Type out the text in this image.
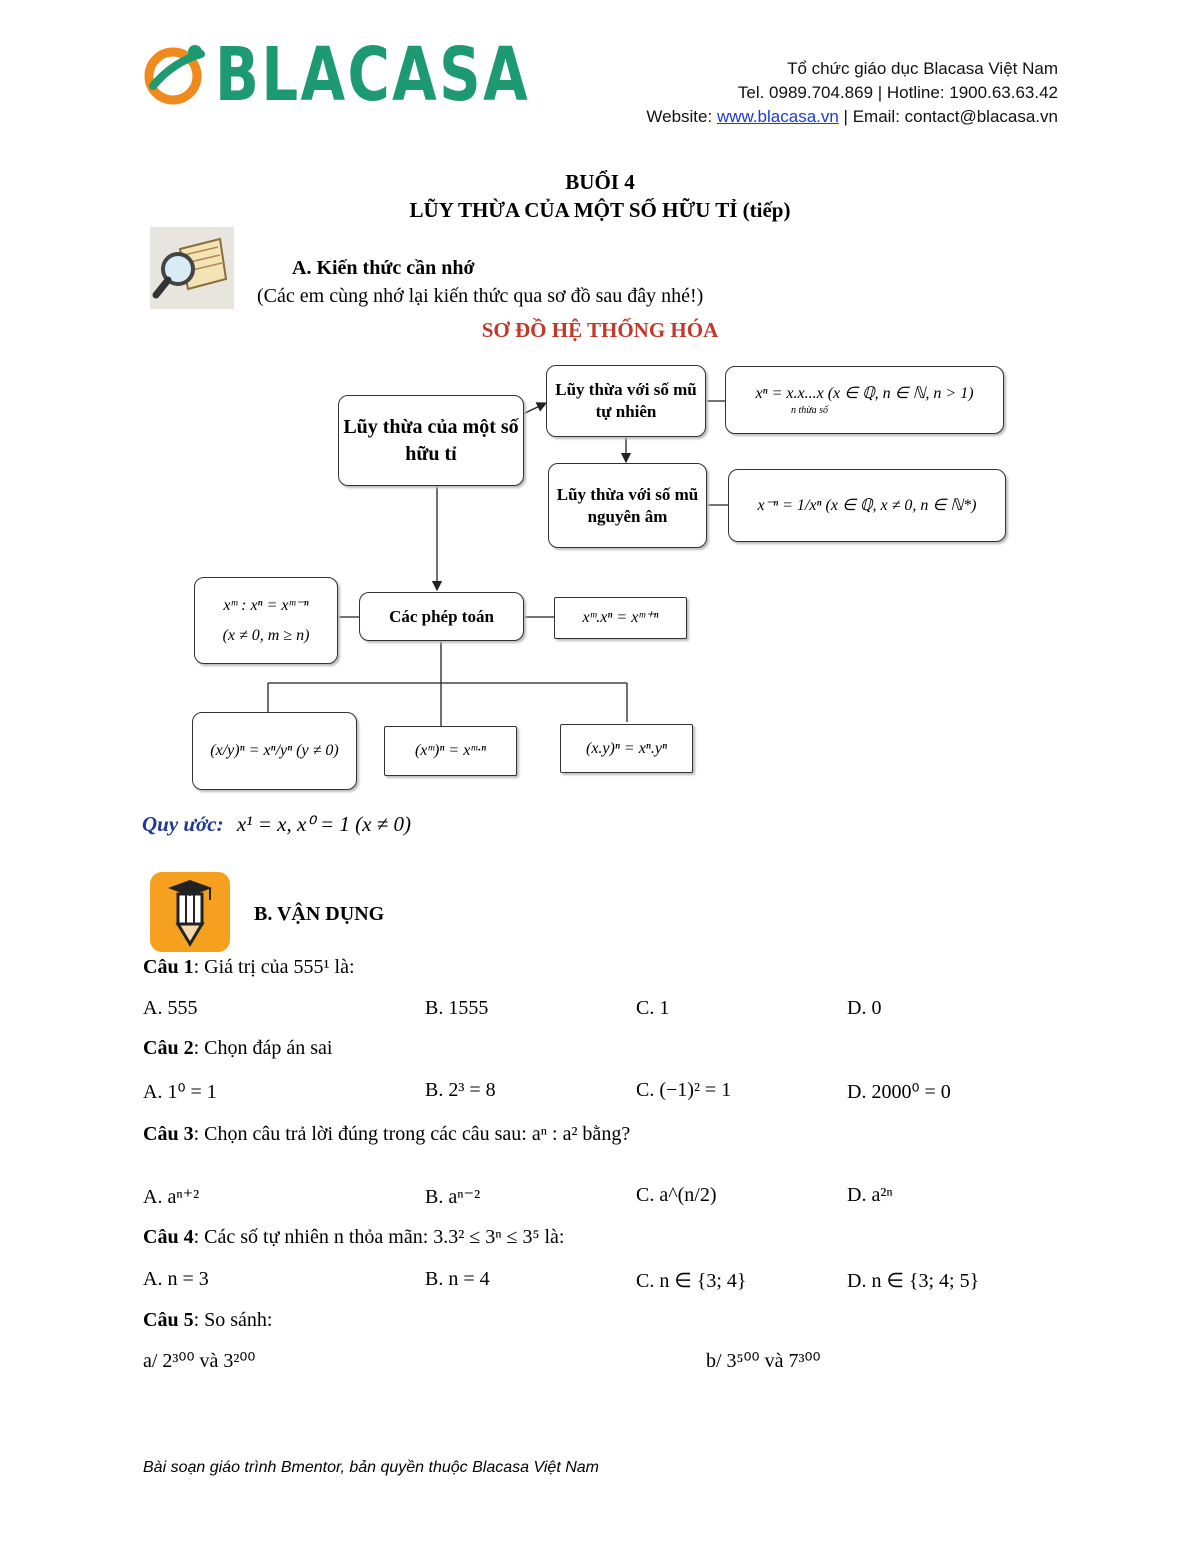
BLACASA	Tổ chức giáo dục Blacasa Việt Nam
Tel. 0989.704.869 | Hotline: 1900.63.63.42
Website: www.blacasa.vn | Email: contact@blacasa.vn
BUỔI 4
LŨY THỪA CỦA MỘT SỐ HỮU TỈ (tiếp)
A. Kiến thức cần nhớ
(Các em cùng nhớ lại kiến thức qua sơ đồ sau đây nhé!)
SƠ ĐỒ HỆ THỐNG HÓA
Lũy thừa của một số hữu tỉ
Lũy thừa với số mũ tự nhiên
xⁿ = x.x...x (x ∈ ℚ, n ∈ ℕ, n > 1)
n thừa số
Lũy thừa với số mũ nguyên âm
x⁻ⁿ = 1/xⁿ (x ∈ ℚ, x ≠ 0, n ∈ ℕ*)
Các phép toán
xᵐ : xⁿ = xᵐ⁻ⁿ
(x ≠ 0, m ≥ n)
xᵐ.xⁿ = xᵐ⁺ⁿ
(x/y)ⁿ = xⁿ/yⁿ (y ≠ 0)	(xᵐ)ⁿ = xᵐ·ⁿ	(x.y)ⁿ = xⁿ.yⁿ
Quy ước: x¹ = x, x⁰ = 1 (x ≠ 0)
B. VẬN DỤNG
Câu 1: Giá trị của 555¹ là:
A. 555	B. 1555	C. 1	D. 0
Câu 2: Chọn đáp án sai
A. 1⁰ = 1	B. 2³ = 8	C. (−1)² = 1	D. 2000⁰ = 0
Câu 3: Chọn câu trả lời đúng trong các câu sau: aⁿ : a² bằng?
A. aⁿ⁺²	B. aⁿ⁻²	C. a^(n/2)	D. a²ⁿ
Câu 4: Các số tự nhiên n thỏa mãn: 3.3² ≤ 3ⁿ ≤ 3⁵ là:
A. n = 3	B. n = 4	C. n ∈ {3; 4}	D. n ∈ {3; 4; 5}
Câu 5: So sánh:
a/ 2³⁰⁰ và 3²⁰⁰	b/ 3⁵⁰⁰ và 7³⁰⁰
Bài soạn giáo trình Bmentor, bản quyền thuộc Blacasa Việt Nam
